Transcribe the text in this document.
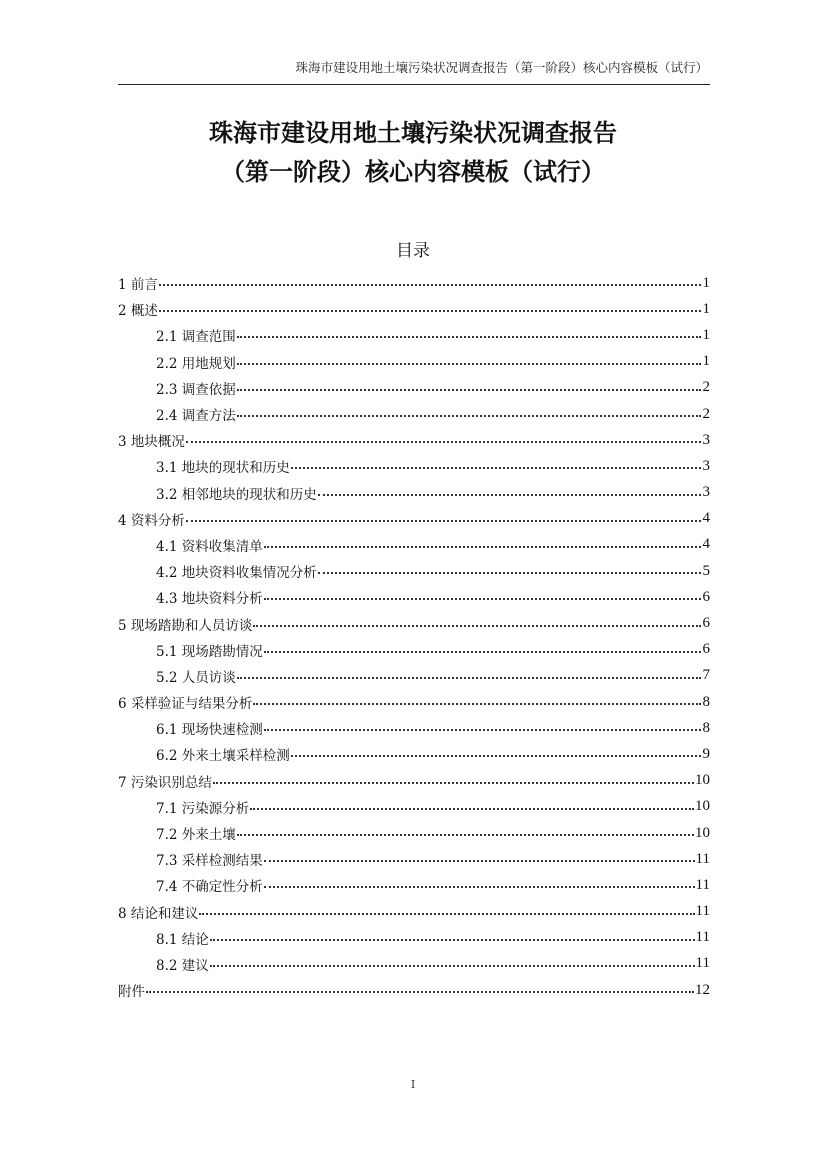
珠海市建设用地土壤污染状况调查报告（第一阶段）核心内容模板（试行）
珠海市建设用地土壤污染状况调查报告
（第一阶段）核心内容模板（试行）
目录
1 前言	1
2 概述	1
2.1 调查范围	1
2.2 用地规划	1
2.3 调查依据	2
2.4 调查方法	2
3 地块概况	3
3.1 地块的现状和历史	3
3.2 相邻地块的现状和历史	3
4 资料分析	4
4.1 资料收集清单	4
4.2 地块资料收集情况分析	5
4.3 地块资料分析	6
5 现场踏勘和人员访谈	6
5.1 现场踏勘情况	6
5.2 人员访谈	7
6 采样验证与结果分析	8
6.1 现场快速检测	8
6.2 外来土壤采样检测	9
7 污染识别总结	10
7.1 污染源分析	10
7.2 外来土壤	10
7.3 采样检测结果	11
7.4 不确定性分析	11
8 结论和建议	11
8.1 结论	11
8.2 建议	11
附件	12
I
